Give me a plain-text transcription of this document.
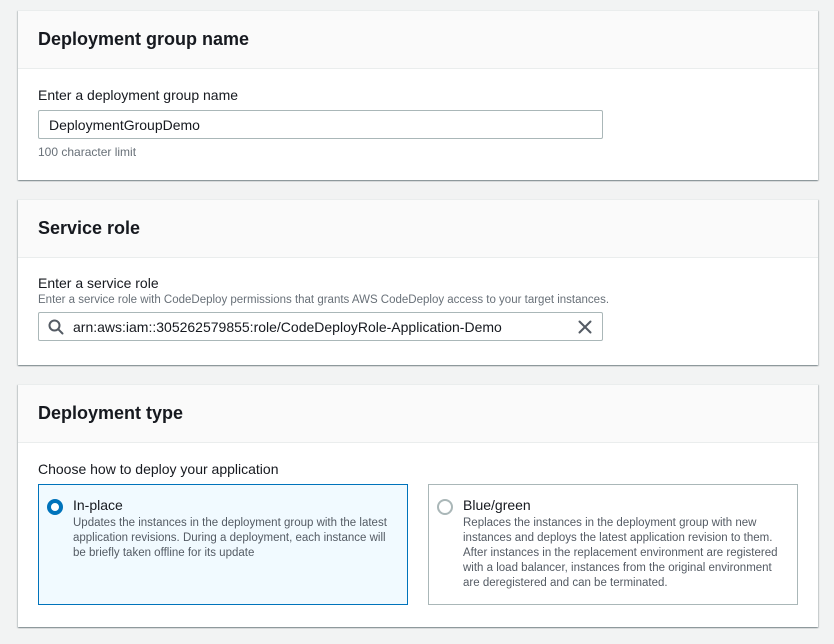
Deployment group name
Enter a deployment group name
DeploymentGroupDemo
100 character limit
Service role
Enter a service role
Enter a service role with CodeDeploy permissions that grants AWS CodeDeploy access to your target instances.
arn:aws:iam::305262579855:role/CodeDeployRole-Application-Demo
Deployment type
Choose how to deploy your application
In-place
Updates the instances in the deployment group with the latest application revisions. During a deployment, each instance will be briefly taken offline for its update
Blue/green
Replaces the instances in the deployment group with new instances and deploys the latest application revision to them. After instances in the replacement environment are registered with a load balancer, instances from the original environment are deregistered and can be terminated.
